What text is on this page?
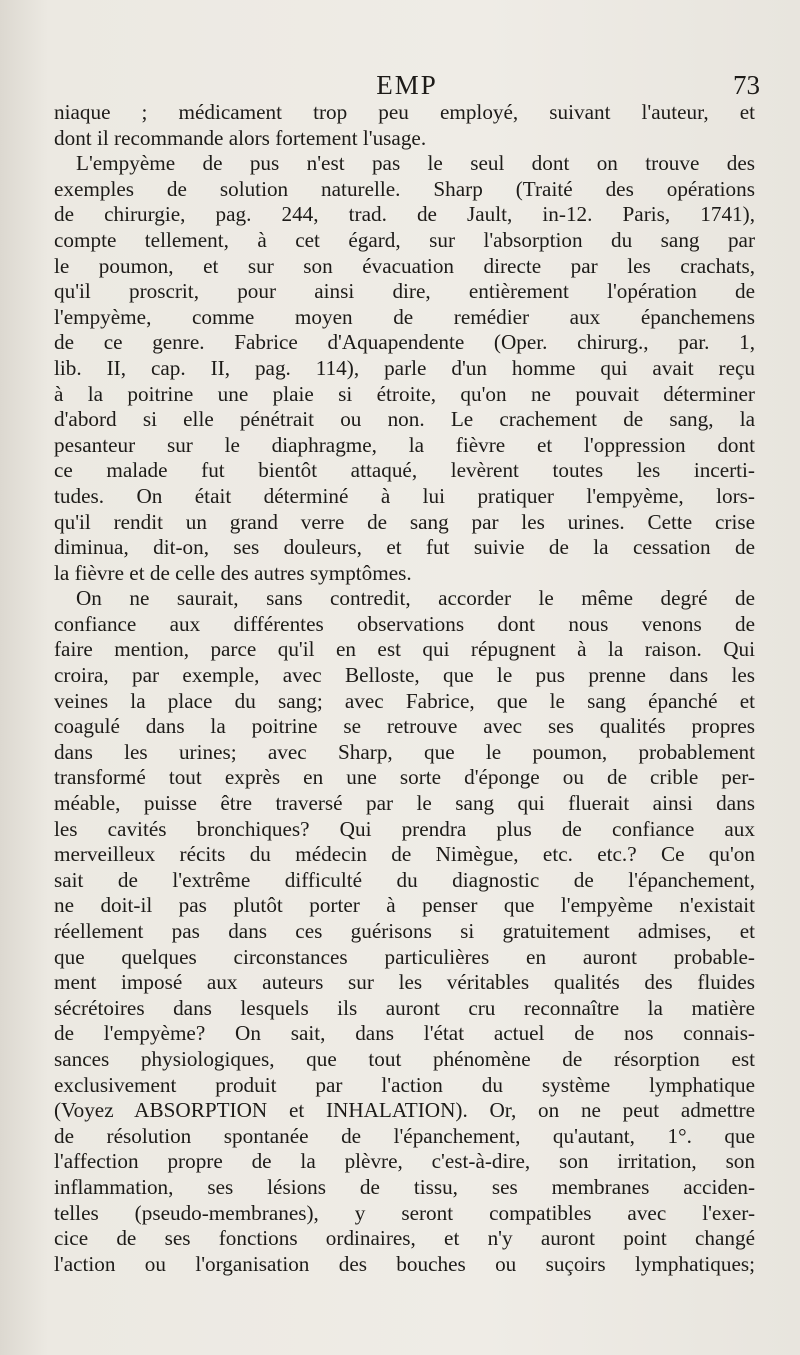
EMP	73
niaque ; médicament trop peu employé, suivant l'auteur, et
dont il recommande alors fortement l'usage.
L'empyème de pus n'est pas le seul dont on trouve des
exemples de solution naturelle. Sharp (Traité des opérations
de chirurgie, pag. 244, trad. de Jault, in-12. Paris, 1741),
compte tellement, à cet égard, sur l'absorption du sang par
le poumon, et sur son évacuation directe par les crachats,
qu'il proscrit, pour ainsi dire, entièrement l'opération de
l'empyème, comme moyen de remédier aux épanchemens
de ce genre. Fabrice d'Aquapendente (Oper. chirurg., par. 1,
lib. II, cap. II, pag. 114), parle d'un homme qui avait reçu
à la poitrine une plaie si étroite, qu'on ne pouvait déterminer
d'abord si elle pénétrait ou non. Le crachement de sang, la
pesanteur sur le diaphragme, la fièvre et l'oppression dont
ce malade fut bientôt attaqué, levèrent toutes les incerti-
tudes. On était déterminé à lui pratiquer l'empyème, lors-
qu'il rendit un grand verre de sang par les urines. Cette crise
diminua, dit-on, ses douleurs, et fut suivie de la cessation de
la fièvre et de celle des autres symptômes.
On ne saurait, sans contredit, accorder le même degré de
confiance aux différentes observations dont nous venons de
faire mention, parce qu'il en est qui répugnent à la raison. Qui
croira, par exemple, avec Belloste, que le pus prenne dans les
veines la place du sang; avec Fabrice, que le sang épanché et
coagulé dans la poitrine se retrouve avec ses qualités propres
dans les urines; avec Sharp, que le poumon, probablement
transformé tout exprès en une sorte d'éponge ou de crible per-
méable, puisse être traversé par le sang qui fluerait ainsi dans
les cavités bronchiques? Qui prendra plus de confiance aux
merveilleux récits du médecin de Nimègue, etc. etc.? Ce qu'on
sait de l'extrême difficulté du diagnostic de l'épanchement,
ne doit-il pas plutôt porter à penser que l'empyème n'existait
réellement pas dans ces guérisons si gratuitement admises, et
que quelques circonstances particulières en auront probable-
ment imposé aux auteurs sur les véritables qualités des fluides
sécrétoires dans lesquels ils auront cru reconnaître la matière
de l'empyème? On sait, dans l'état actuel de nos connais-
sances physiologiques, que tout phénomène de résorption est
exclusivement produit par l'action du système lymphatique
(Voyez ABSORPTION et INHALATION). Or, on ne peut admettre
de résolution spontanée de l'épanchement, qu'autant, 1°. que
l'affection propre de la plèvre, c'est-à-dire, son irritation, son
inflammation, ses lésions de tissu, ses membranes acciden-
telles (pseudo-membranes), y seront compatibles avec l'exer-
cice de ses fonctions ordinaires, et n'y auront point changé
l'action ou l'organisation des bouches ou suçoirs lymphatiques;
